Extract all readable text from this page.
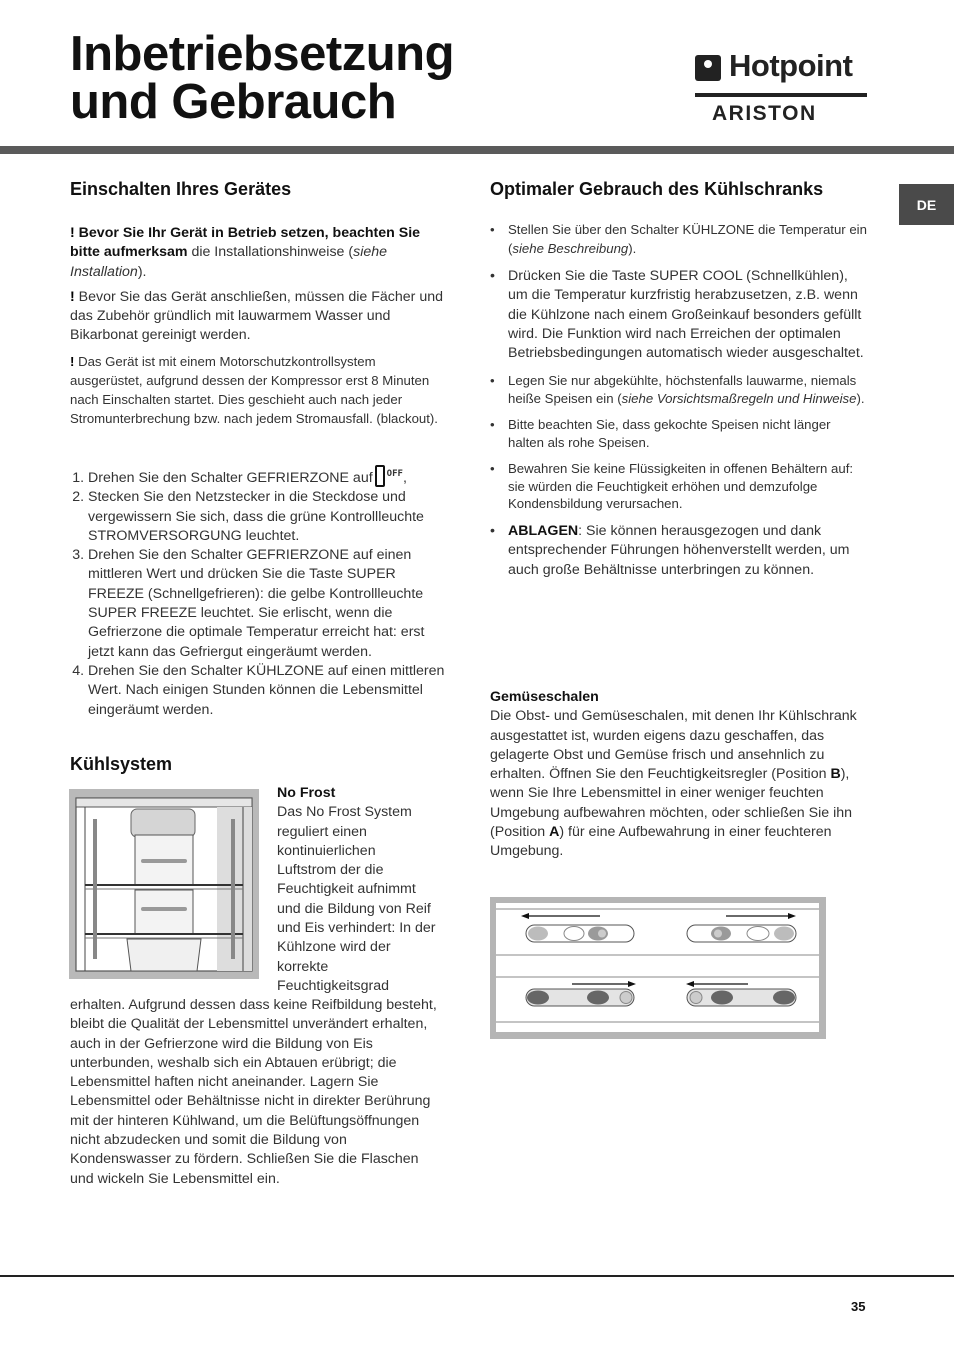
Inbetriebsetzung
und Gebrauch
Hotpoint
ARISTON
DE
Einschalten Ihres Gerätes

! Bevor Sie Ihr Gerät in Betrieb setzen, beachten Sie bitte aufmerksam die Installationshinweise (siehe Installation).

! Bevor Sie das Gerät anschließen, müssen die Fächer und das Zubehör gründlich mit lauwarmem Wasser und Bikarbonat gereinigt werden.

! Das Gerät ist mit einem Motorschutzkontrollsystem ausgerüstet, aufgrund dessen der Kompressor erst 8 Minuten nach Einschalten startet. Dies geschieht auch nach jeder Stromunterbrechung bzw. nach jedem Stromausfall. (blackout).

1. Drehen Sie den Schalter GEFRIERZONE auf $^{OFF}$,
2. Stecken Sie den Netzstecker in die Steckdose und vergewissern Sie sich, dass die grüne Kontrollleuchte STROMVERSORGUNG leuchtet.
3. Drehen Sie den Schalter GEFRIERZONE auf einen mittleren Wert und drücken Sie die Taste SUPER FREEZE (Schnellgefrieren): die gelbe Kontrollleuchte SUPER FREEZE leuchtet. Sie erlischt, wenn die Gefrierzone die optimale Temperatur erreicht hat: erst jetzt kann das Gefriergut eingeräumt werden.
4. Drehen Sie den Schalter KÜHLZONE auf einen mittleren Wert. Nach einigen Stunden können die Lebensmittel eingeräumt werden.
Kühlsystem
No Frost
Das No Frost System
reguliert einen
kontinuierlichen
Luftstrom der die
Feuchtigkeit aufnimmt
und die Bildung von Reif
und Eis verhindert: In der
Kühlzone wird der
korrekte
Feuchtigkeitsgrad
erhalten. Aufgrund dessen dass keine Reifbildung besteht, bleibt die Qualität der Lebensmittel unverändert erhalten, auch in der Gefrierzone wird die Bildung von Eis unterbunden, weshalb sich ein Abtauen erübrigt; die Lebensmittel haften nicht aneinander. Lagern Sie Lebensmittel oder Behältnisse nicht in direkter Berührung mit der hinteren Kühlwand, um die Belüftungsöffnungen nicht abzudecken und somit die Bildung von Kondenswasser zu fördern. Schließen Sie die Flaschen und wickeln Sie Lebensmittel ein.
Optimaler Gebrauch des Kühlschranks
• Stellen Sie über den Schalter KÜHLZONE die Temperatur ein (siehe Beschreibung).
• Drücken Sie die Taste SUPER COOL (Schnellkühlen), um die Temperatur kurzfristig herabzusetzen, z.B. wenn die Kühlzone nach einem Großeinkauf besonders gefüllt wird. Die Funktion wird nach Erreichen der optimalen Betriebsbedingungen automatisch wieder ausgeschaltet.
• Legen Sie nur abgekühlte, höchstenfalls lauwarme, niemals heiße Speisen ein (siehe Vorsichtsmaßregeln und Hinweise).
• Bitte beachten Sie, dass gekochte Speisen nicht länger halten als rohe Speisen.
• Bewahren Sie keine Flüssigkeiten in offenen Behältern auf: sie würden die Feuchtigkeit erhöhen und demzufolge Kondensbildung verursachen.
• ABLAGEN: Sie können herausgezogen und dank entsprechender Führungen höhenverstellt werden, um auch große Behältnisse unterbringen zu können.
Gemüseschalen
Die Obst- und Gemüseschalen, mit denen Ihr Kühlschrank ausgestattet ist, wurden eigens dazu geschaffen, das gelagerte Obst und Gemüse frisch und ansehnlich zu erhalten. Öffnen Sie den Feuchtigkeitsregler (Position B), wenn Sie Ihre Lebensmittel in einer weniger feuchten Umgebung aufbewahren möchten, oder schließen Sie ihn (Position A) für eine Aufbewahrung in einer feuchteren Umgebung.
35
